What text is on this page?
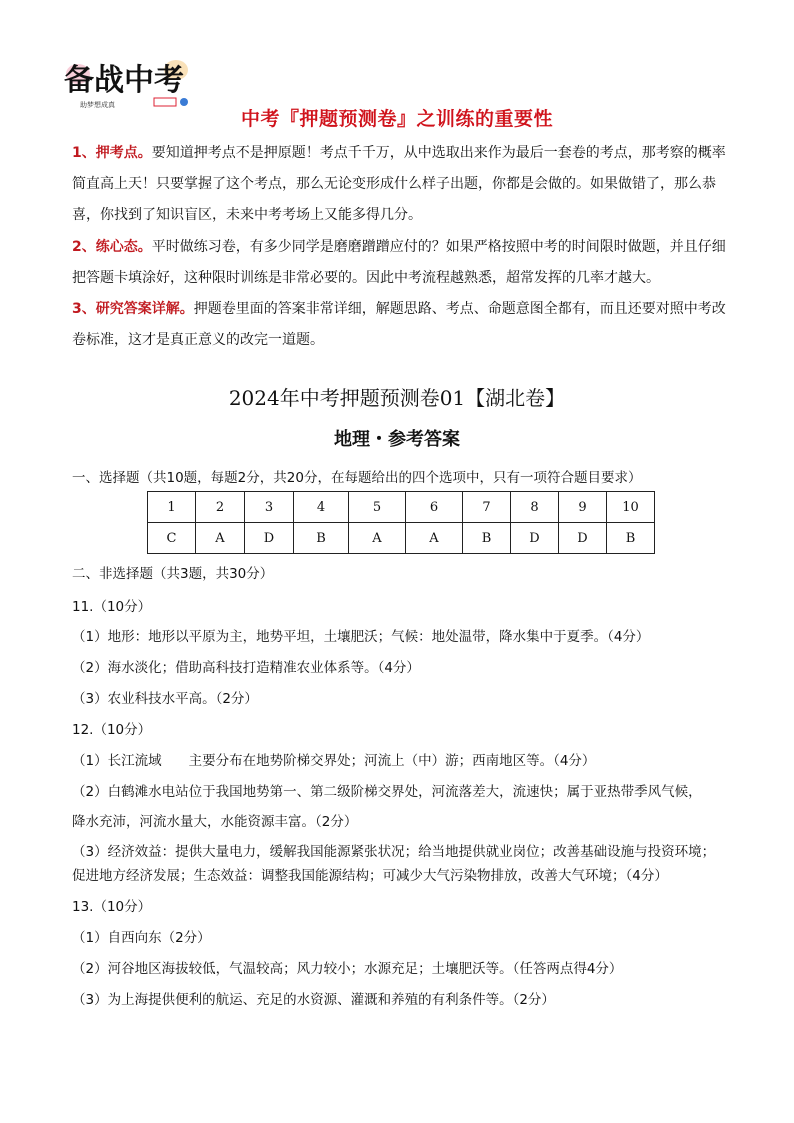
备战中考
助梦想成真
中考『押题预测卷』之训练的重要性
1、押考点。要知道押考点不是押原题！考点千千万，从中选取出来作为最后一套卷的考点，那考察的概率
简直高上天！只要掌握了这个考点，那么无论变形成什么样子出题，你都是会做的。如果做错了，那么恭
喜，你找到了知识盲区，未来中考考场上又能多得几分。
2、练心态。平时做练习卷，有多少同学是磨磨蹭蹭应付的？如果严格按照中考的时间限时做题，并且仔细
把答题卡填涂好，这种限时训练是非常必要的。因此中考流程越熟悉，超常发挥的几率才越大。
3、研究答案详解。押题卷里面的答案非常详细，解题思路、考点、命题意图全都有，而且还要对照中考改
卷标准，这才是真正意义的改完一道题。
2024年中考押题预测卷01【湖北卷】
地理・参考答案
一、选择题（共10题，每题2分，共20分，在每题给出的四个选项中，只有一项符合题目要求）
1	2	3	4	5	6	7	8	9	10
C	A	D	B	A	A	B	D	D	B
二、非选择题（共3题，共30分）
11.（10分）
（1）地形：地形以平原为主，地势平坦，土壤肥沃；气候：地处温带，降水集中于夏季。（4分）
（2）海水淡化；借助高科技打造精准农业体系等。（4分）
（3）农业科技水平高。（2分）
12.（10分）
（1）长江流域　　主要分布在地势阶梯交界处；河流上（中）游；西南地区等。（4分）
（2）白鹤滩水电站位于我国地势第一、第二级阶梯交界处，河流落差大，流速快；属于亚热带季风气候，
降水充沛，河流水量大，水能资源丰富。（2分）
（3）经济效益：提供大量电力，缓解我国能源紧张状况；给当地提供就业岗位；改善基础设施与投资环境；
促进地方经济发展；生态效益：调整我国能源结构；可减少大气污染物排放，改善大气环境；（4分）
13.（10分）
（1）自西向东（2分）
（2）河谷地区海拔较低，气温较高；风力较小；水源充足；土壤肥沃等。（任答两点得4分）
（3）为上海提供便利的航运、充足的水资源、灌溉和养殖的有利条件等。（2分）
